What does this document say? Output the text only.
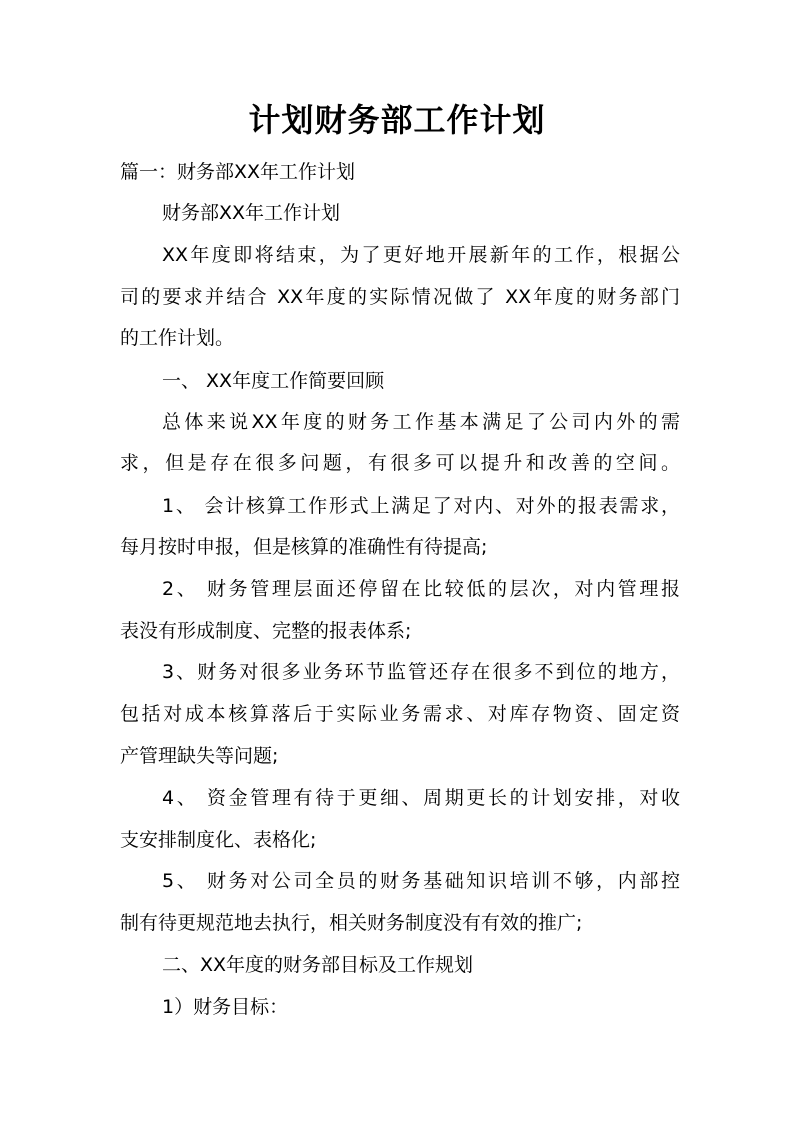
计划财务部工作计划

篇一：财务部XX年工作计划

财务部XX年工作计划

XX年度即将结束，为了更好地开展新年的工作，根据公

司的要求并结合 XX年度的实际情况做了 XX年度的财务部门

的工作计划。

一、 XX年度工作简要回顾

总体来说XX年度的财务工作基本满足了公司内外的需

求，但是存在很多问题，有很多可以提升和改善的空间。

1、 会计核算工作形式上满足了对内、对外的报表需求，

每月按时申报，但是核算的准确性有待提高;

2、 财务管理层面还停留在比较低的层次，对内管理报

表没有形成制度、完整的报表体系;

3、财务对很多业务环节监管还存在很多不到位的地方，

包括对成本核算落后于实际业务需求、对库存物资、固定资

产管理缺失等问题;

4、 资金管理有待于更细、周期更长的计划安排，对收

支安排制度化、表格化;

5、 财务对公司全员的财务基础知识培训不够，内部控

制有待更规范地去执行，相关财务制度没有有效的推广;

二、XX年度的财务部目标及工作规划

1）财务目标：
